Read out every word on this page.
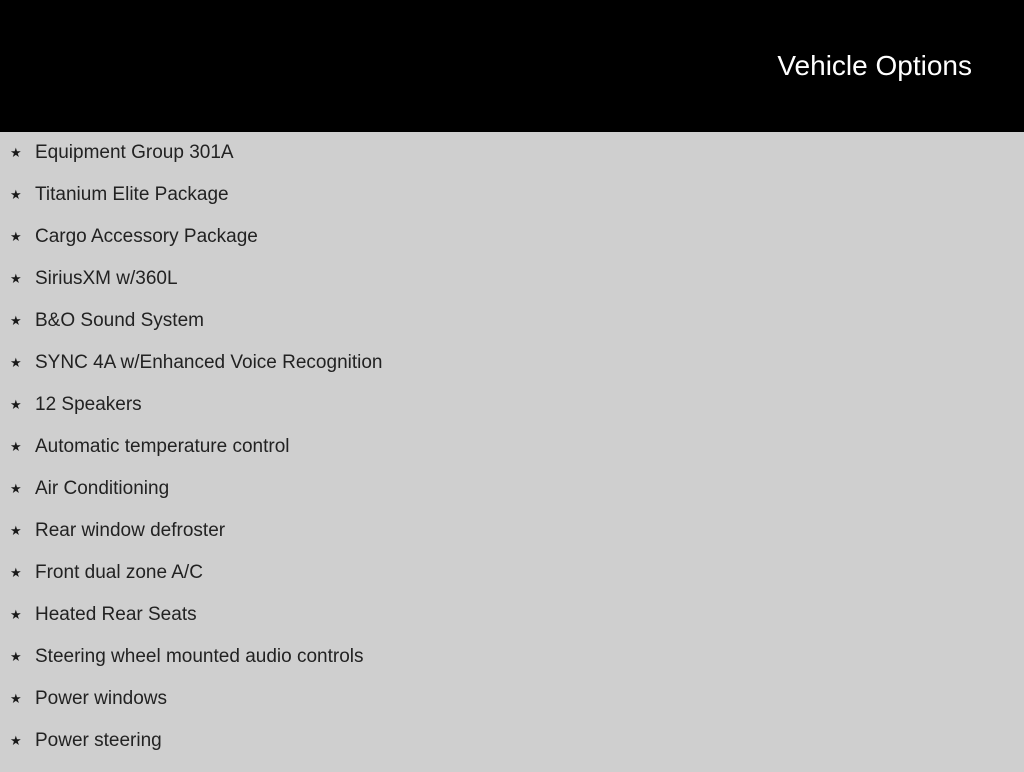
Vehicle Options
★ Equipment Group 301A
★ Titanium Elite Package
★ Cargo Accessory Package
★ SiriusXM w/360L
★ B&O Sound System
★ SYNC 4A w/Enhanced Voice Recognition
★ 12 Speakers
★ Automatic temperature control
★ Air Conditioning
★ Rear window defroster
★ Front dual zone A/C
★ Heated Rear Seats
★ Steering wheel mounted audio controls
★ Power windows
★ Power steering
